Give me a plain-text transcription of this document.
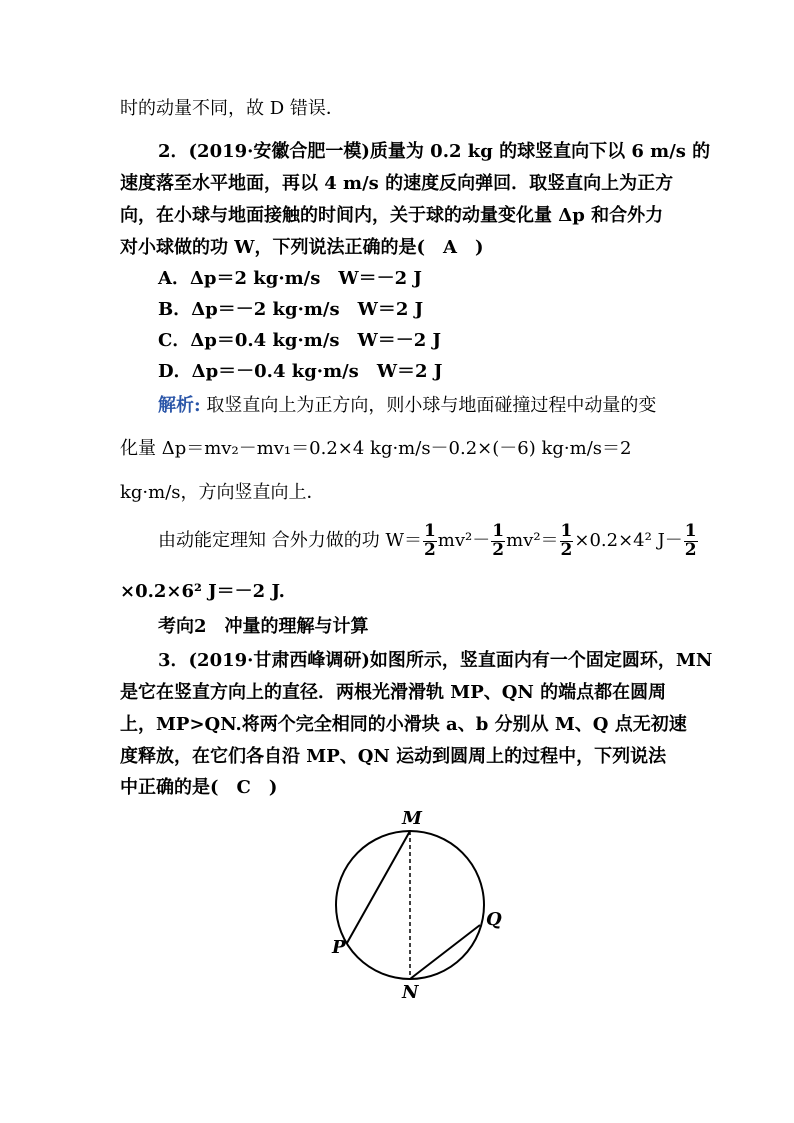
时的动量不同，故 D 错误．
2．(2019·安徽合肥一模)质量为 0.2 kg 的球竖直向下以 6 m/s 的
速度落至水平地面，再以 4 m/s 的速度反向弹回．取竖直向上为正方
向，在小球与地面接触的时间内，关于球的动量变化量 Δp 和合外力
对小球做的功 W，下列说法正确的是(　A　)
A．Δp＝2 kg·m/s　W＝－2 J
B．Δp＝－2 kg·m/s　W＝2 J
C．Δp＝0.4 kg·m/s　W＝－2 J
D．Δp＝－0.4 kg·m/s　W＝2 J
解析: 取竖直向上为正方向，则小球与地面碰撞过程中动量的变
化量 Δp＝mv₂－mv₁＝0.2×4 kg·m/s－0.2×(－6) kg·m/s＝2
kg·m/s，方向竖直向上．
由动能定理知 合外力做的功 $W= \frac{1}{2} mv^2- \frac{1}{2} mv^2= \frac{1}{2} \times 0.2\times 4^2$ $J- \frac{1}{2}$
×0.2×6² J＝－2 J.
考向2　冲量的理解与计算
3．(2019·甘肃西峰调研)如图所示，竖直面内有一个固定圆环，MN
是它在竖直方向上的直径．两根光滑滑轨 MP、QN 的端点都在圆周
上，MP>QN.将两个完全相同的小滑块 a、b 分别从 M、Q 点无初速
度释放，在它们各自沿 MP、QN 运动到圆周上的过程中，下列说法
中正确的是(　C　)
M
N
P
Q
